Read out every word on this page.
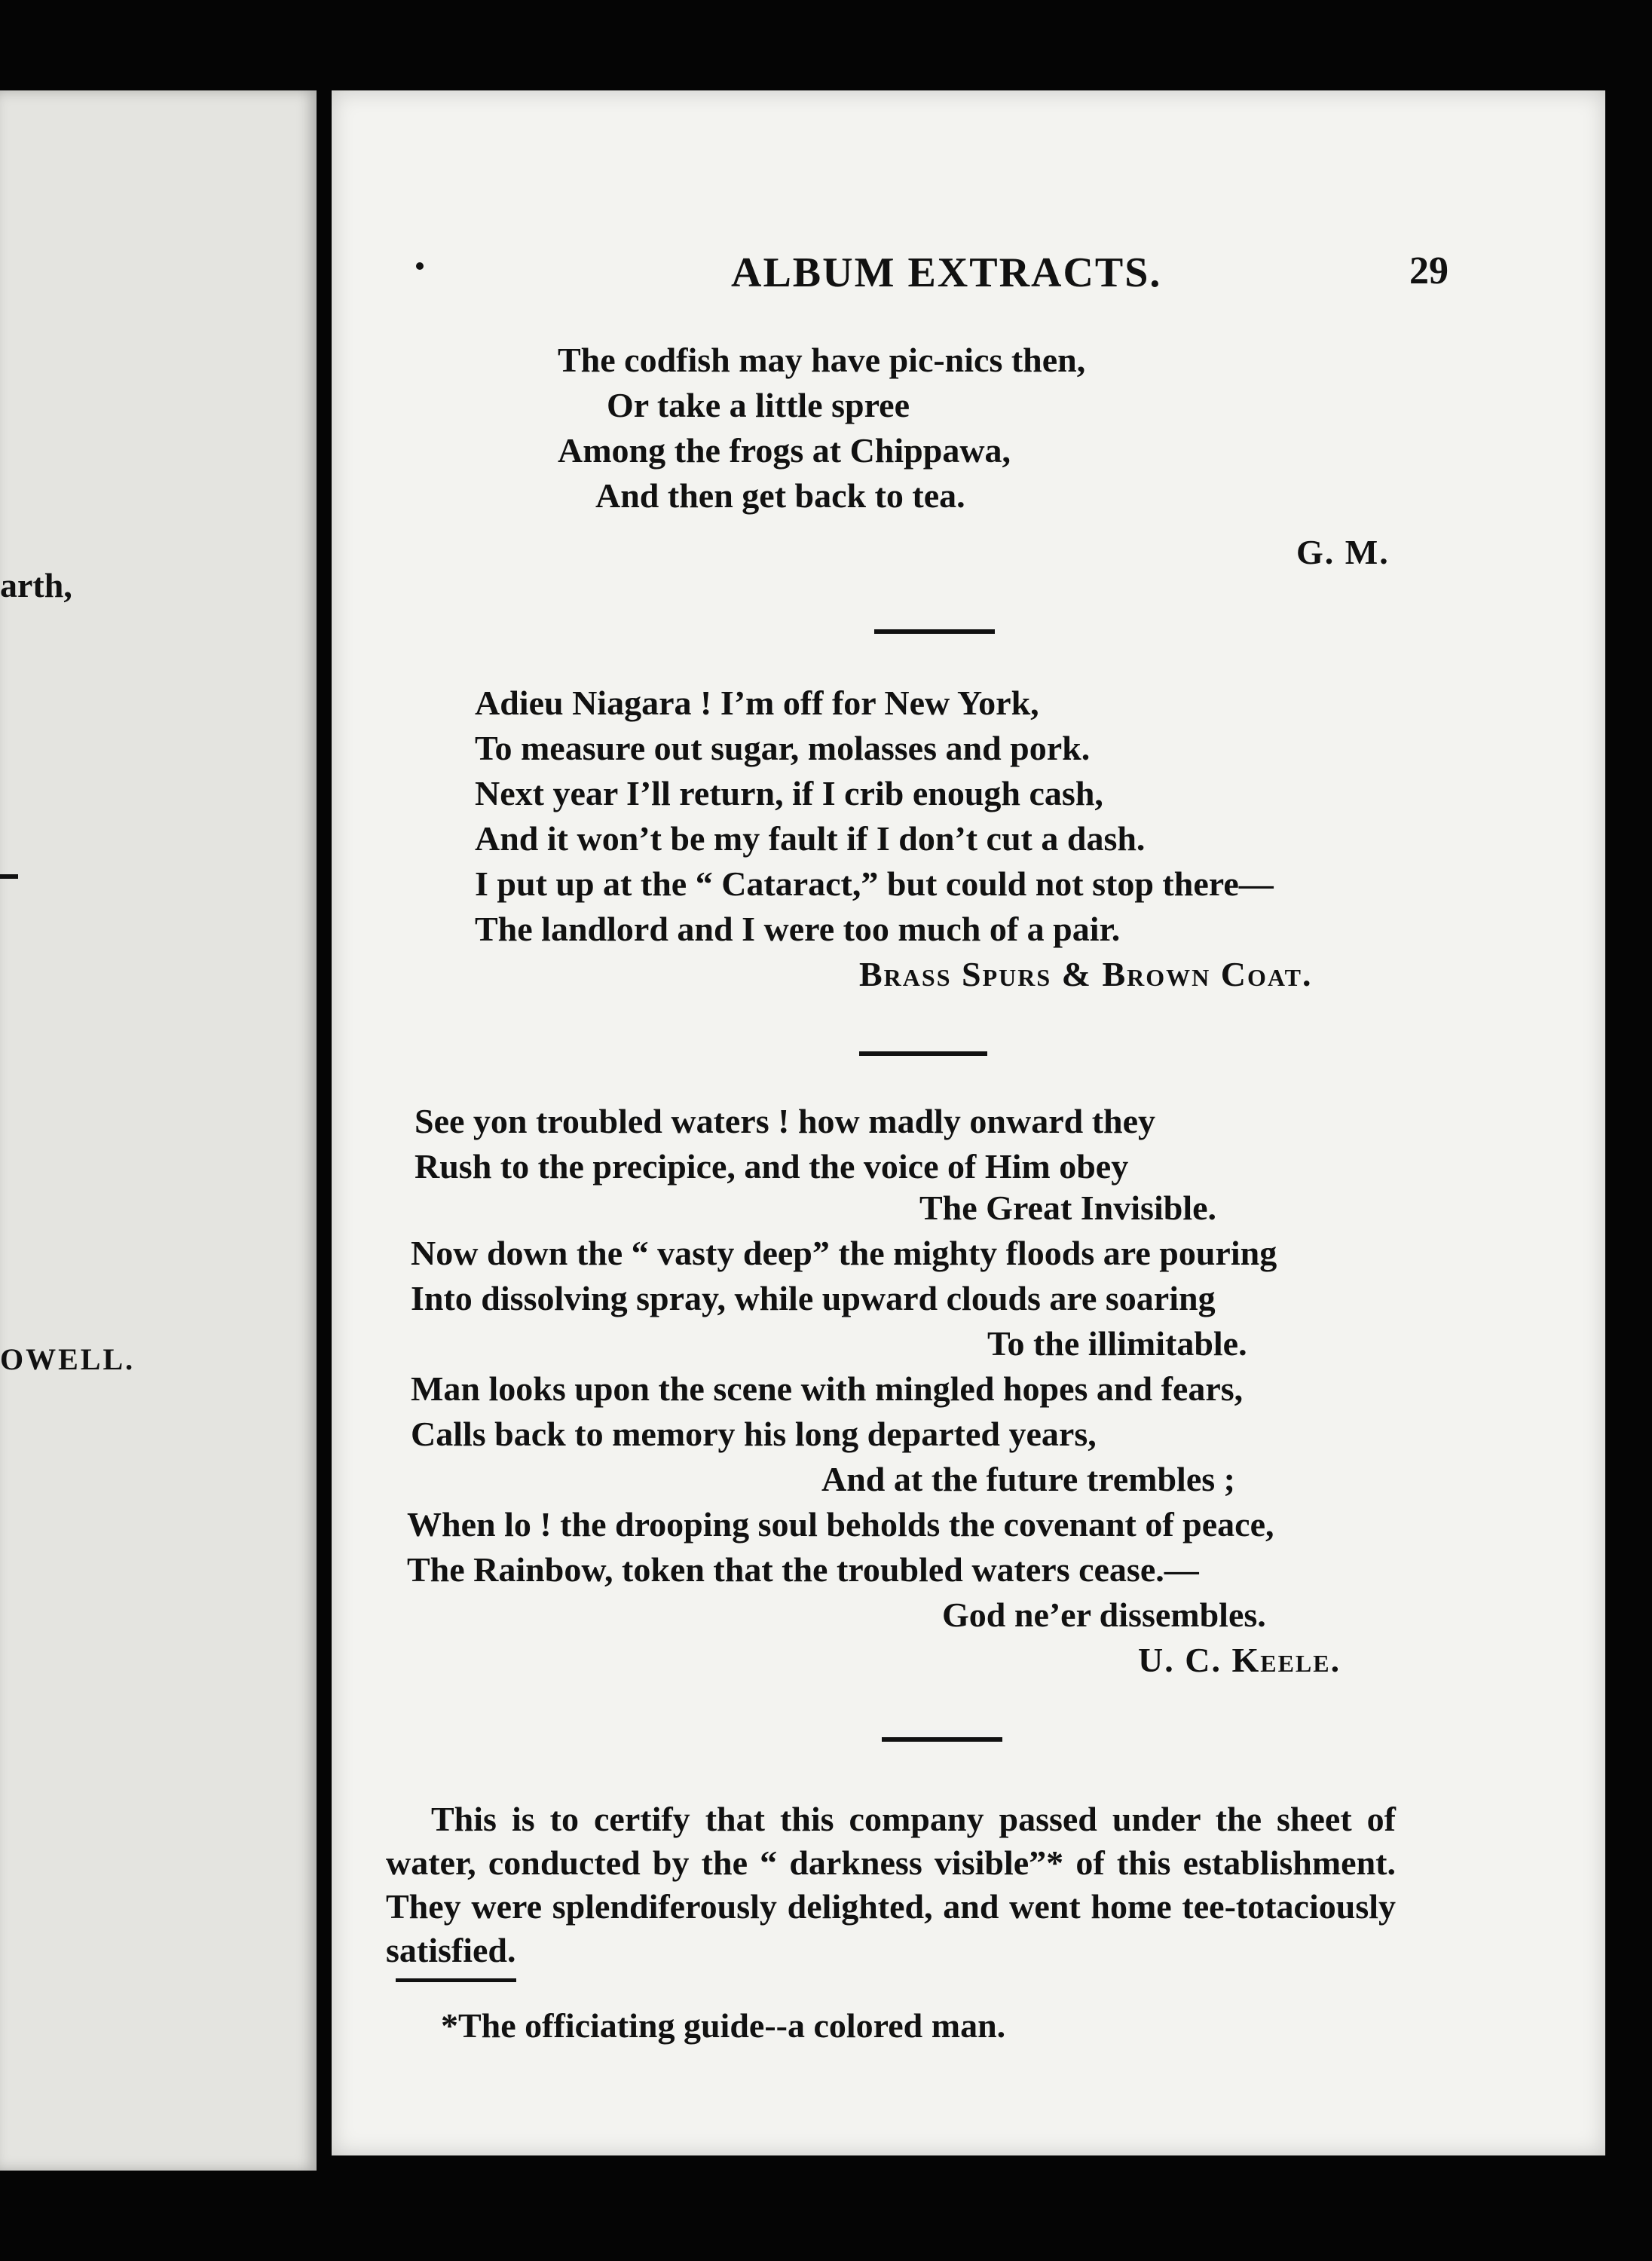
arth,
OWELL.
ALBUM EXTRACTS.	29
The codfish may have pic-nics then,
Or take a little spree
Among the frogs at Chippawa,
And then get back to tea.
G. M.
Adieu Niagara ! I’m off for New York,
To measure out sugar, molasses and pork.
Next year I’ll return, if I crib enough cash,
And it won’t be my fault if I don’t cut a dash.
I put up at the “ Cataract,” but could not stop there—
The landlord and I were too much of a pair.
Brass Spurs & Brown Coat.
See yon troubled waters ! how madly onward they
Rush to the precipice, and the voice of Him obey
The Great Invisible.
Now down the “ vasty deep” the mighty floods are pouring
Into dissolving spray, while upward clouds are soaring
To the illimitable.
Man looks upon the scene with mingled hopes and fears,
Calls back to memory his long departed years,
And at the future trembles ;
When lo ! the drooping soul beholds the covenant of peace,
The Rainbow, token that the troubled waters cease.—
God ne’er dissembles.
U. C. Keele.
This is to certify that this company passed under the sheet of water, conducted by the “ darkness visible”* of this establishment. They were splendiferously delighted, and went home tee-totaciously satisfied.
*The officiating guide--a colored man.
